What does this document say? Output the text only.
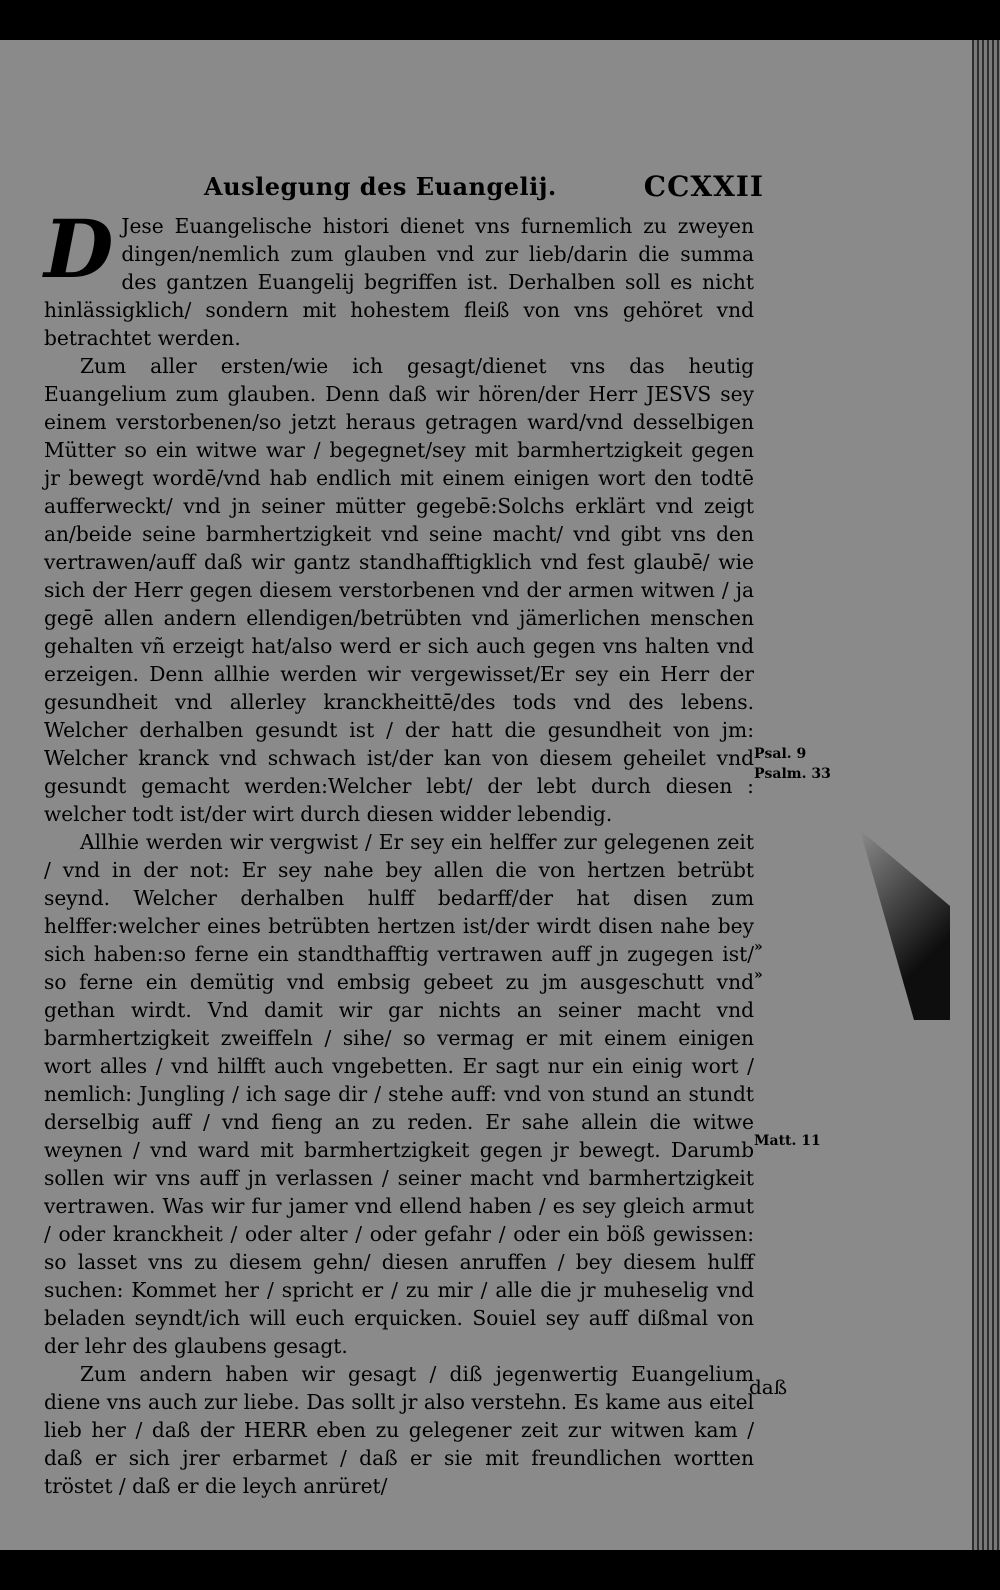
Auslegung des Euangelij.	CCXXII

D Jese Euangelische histori dienet vns furnemlich zu zweyen dingen/nemlich zum glauben vnd zur lieb/darin die summa des gantzen Euangelij begriffen ist. Derhalben soll es nicht hinlässigklich/ sondern mit hohestem fleiß von vns gehöret vnd betrachtet werden.

Zum aller ersten/wie ich gesagt/dienet vns das heutig Euangelium zum glauben. Denn daß wir hören/der Herr JESVS sey einem verstorbenen/so jetzt heraus getragen ward/vnd desselbigen Mütter so ein witwe war / begegnet/sey mit barmhertzigkeit gegen jr bewegt wordē/vnd hab endlich mit einem einigen wort den todtē aufferweckt/ vnd jn seiner mütter gegebē:Solchs erklärt vnd zeigt an/beide seine barmhertzigkeit vnd seine macht/ vnd gibt vns den vertrawen/auff daß wir gantz standhafftigklich vnd fest glaubē/ wie sich der Herr gegen diesem verstorbenen vnd der armen witwen / ja gegē allen andern ellendigen/betrübten vnd jämerlichen menschen gehalten vñ erzeigt hat/also werd er sich auch gegen vns halten vnd erzeigen. Denn allhie werden wir vergewisset/Er sey ein Herr der gesundheit vnd allerley kranckheittē/des tods vnd des lebens. Welcher derhalben gesundt ist / der hatt die gesundheit von jm: Welcher kranck vnd schwach ist/der kan von diesem geheilet vnd gesundt gemacht werden:Welcher lebt/ der lebt durch diesen : welcher todt ist/der wirt durch diesen widder lebendig.

Allhie werden wir vergwist / Er sey ein helffer zur gelegenen zeit / vnd in der not: Er sey nahe bey allen die von hertzen betrübt seynd. Welcher derhalben hulff bedarff/der hat disen zum helffer:welcher eines betrübten hertzen ist/der wirdt disen nahe bey sich haben:so ferne ein standthafftig vertrawen auff jn zugegen ist/ so ferne ein demütig vnd embsig gebeet zu jm ausgeschutt vnd gethan wirdt. Vnd damit wir gar nichts an seiner macht vnd barmhertzigkeit zweiffeln / sihe/ so vermag er mit einem einigen wort alles / vnd hilfft auch vngebetten. Er sagt nur ein einig wort / nemlich: Jungling / ich sage dir / stehe auff: vnd von stund an stundt derselbig auff / vnd fieng an zu reden. Er sahe allein die witwe weynen / vnd ward mit barmhertzigkeit gegen jr bewegt. Darumb sollen wir vns auff jn verlassen / seiner macht vnd barmhertzigkeit vertrawen. Was wir fur jamer vnd ellend haben / es sey gleich armut / oder kranckheit / oder alter / oder gefahr / oder ein böß gewissen: so lasset vns zu diesem gehn/ diesen anruffen / bey diesem hulff suchen: Kommet her / spricht er / zu mir / alle die jr muheselig vnd beladen seyndt/ich will euch erquicken. Souiel sey auff dißmal von der lehr des glaubens gesagt.

Zum andern haben wir gesagt / diß jegenwertig Euangelium diene vns auch zur liebe. Das sollt jr also verstehn. Es kame aus eitel lieb her / daß der HERR eben zu gelegener zeit zur witwen kam / daß er sich jrer erbarmet / daß er sie mit freundlichen wortten tröstet / daß er die leych anrüret/

daß
Psal. 9
Psalm. 33
»
»
Matt. 11
